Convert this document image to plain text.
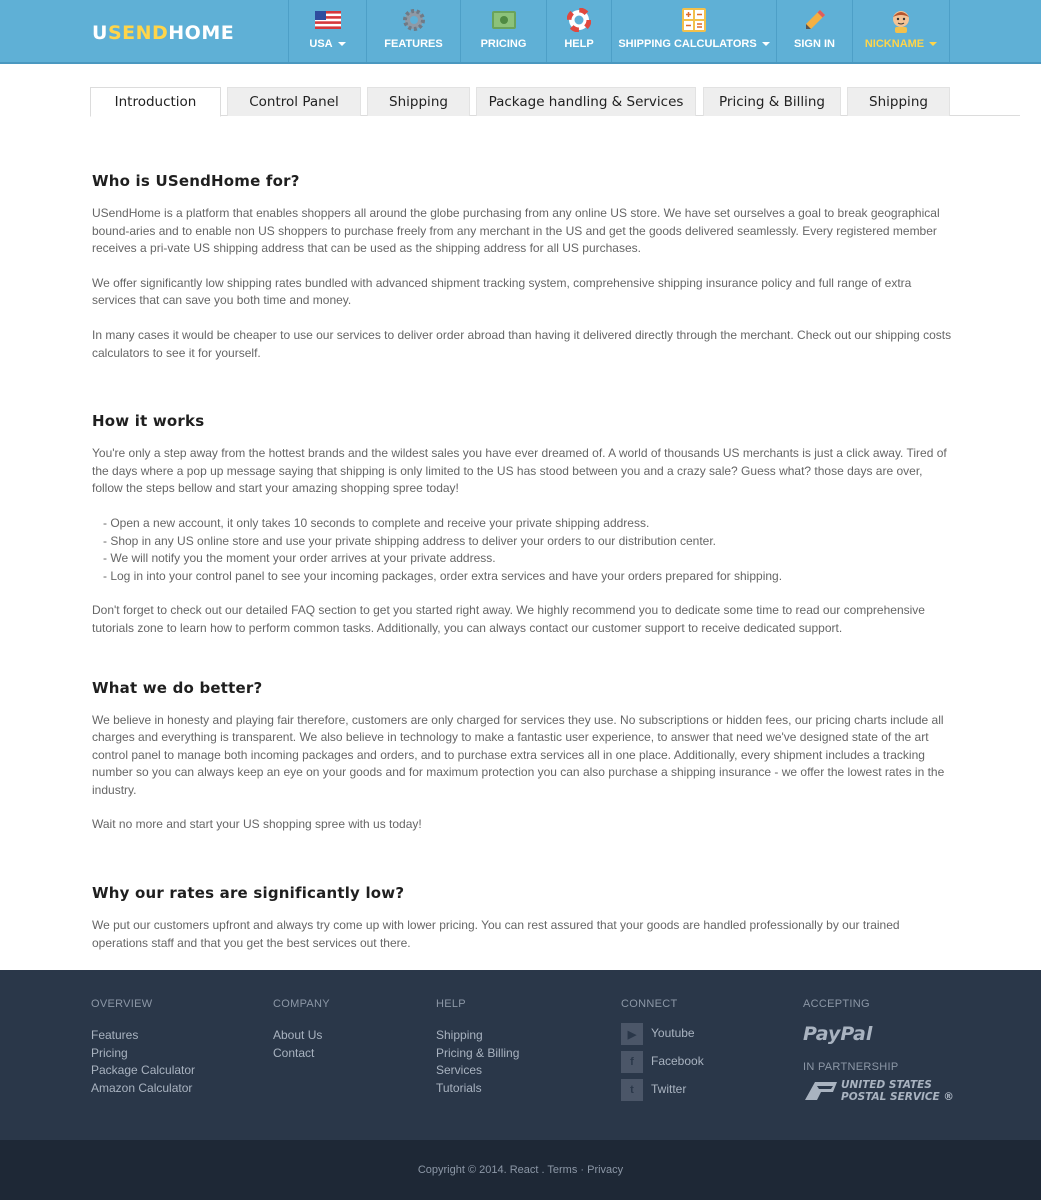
USENDHOME	USA	FEATURES	PRICING	HELP SHIPPING CALCULATORS	SIGN IN	NICKNAME
Introduction	Control Panel	Shipping	Package handling & Services	Pricing & Billing	Shipping
Who is USendHome for?

USendHome is a platform that enables shoppers all around the globe purchasing from any online US store. We have set ourselves a goal to break geographical bound-aries and to enable non US shoppers to purchase freely from any merchant in the US and get the goods delivered seamlessly. Every registered member receives a pri-vate US shipping address that can be used as the shipping address for all US purchases.

We offer significantly low shipping rates bundled with advanced shipment tracking system, comprehensive shipping insurance policy and full range of extra services that can save you both time and money.

In many cases it would be cheaper to use our services to deliver order abroad than having it delivered directly through the merchant. Check out our shipping costs calculators to see it for yourself.

How it works

You're only a step away from the hottest brands and the wildest sales you have ever dreamed of. A world of thousands US merchants is just a click away. Tired of the days where a pop up message saying that shipping is only limited to the US has stood between you and a crazy sale? Guess what? those days are over, follow the steps bellow and start your amazing shopping spree today!

- Open a new account, it only takes 10 seconds to complete and receive your private shipping address.
- Shop in any US online store and use your private shipping address to deliver your orders to our distribution center.
- We will notify you the moment your order arrives at your private address.
- Log in into your control panel to see your incoming packages, order extra services and have your orders prepared for shipping.

Don't forget to check out our detailed FAQ section to get you started right away. We highly recommend you to dedicate some time to read our comprehensive tutorials zone to learn how to perform common tasks. Additionally, you can always contact our customer support to receive dedicated support.

What we do better?

We believe in honesty and playing fair therefore, customers are only charged for services they use. No subscriptions or hidden fees, our pricing charts include all charges and everything is transparent. We also believe in technology to make a fantastic user experience, to answer that need we've designed state of the art control panel to manage both incoming packages and orders, and to purchase extra services all in one place. Additionally, every shipment includes a tracking number so you can always keep an eye on your goods and for maximum protection you can also purchase a shipping insurance - we offer the lowest rates in the industry.

Wait no more and start your US shopping spree with us today!

Why our rates are significantly low?

We put our customers upfront and always try come up with lower pricing. You can rest assured that your goods are handled professionally by our trained operations staff and that you get the best services out there.

OVERVIEW
Features
Pricing
Package Calculator
Amazon Calculator
COMPANY
About Us
Contact
HELP
Shipping
Pricing & Billing
Services
Tutorials
CONNECT
▶	Youtube
f	Facebook
t	Twitter
ACCEPTING
PayPal
IN PARTNERSHIP
UNITED STATES
POSTAL SERVICE ®
Copyright © 2014. React . Terms · Privacy
